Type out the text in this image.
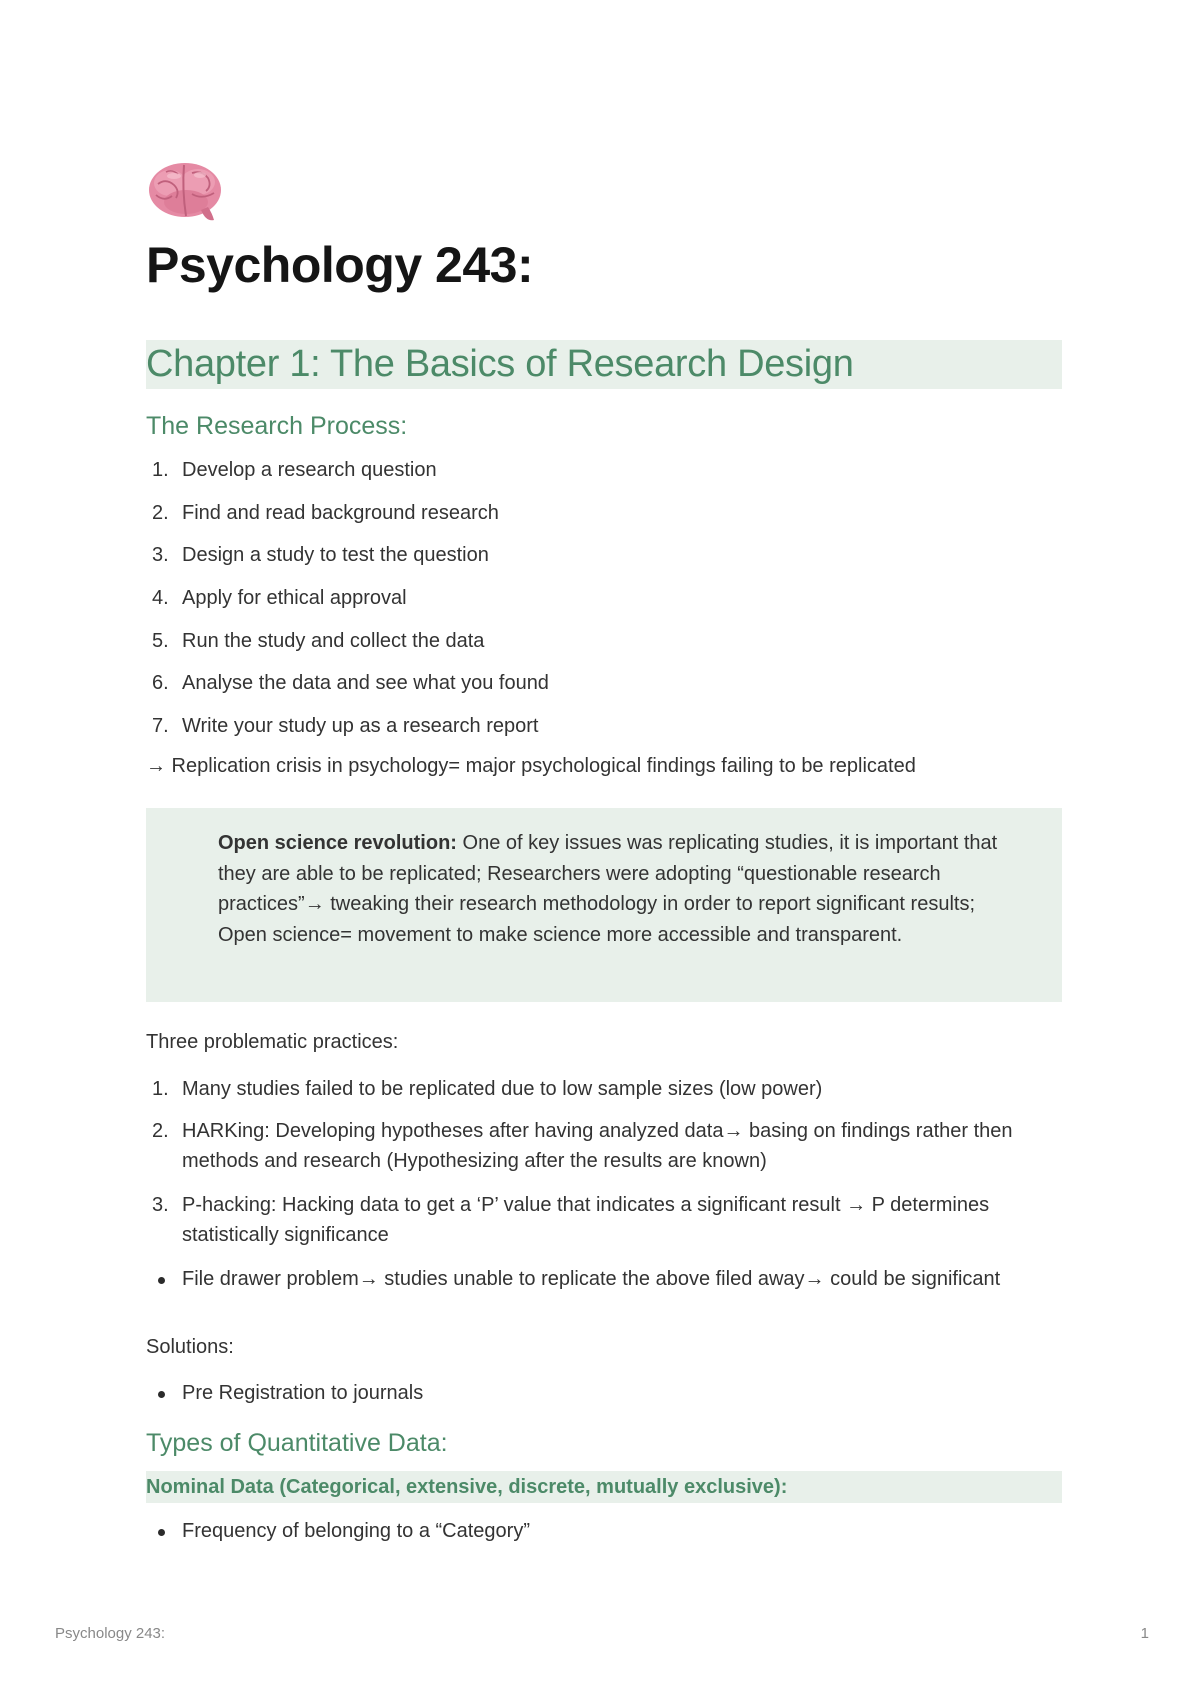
Psychology 243:
Chapter 1: The Basics of Research Design
The Research Process:
1. Develop a research question
2. Find and read background research
3. Design a study to test the question
4. Apply for ethical approval
5. Run the study and collect the data
6. Analyse the data and see what you found
7. Write your study up as a research report

→ Replication crisis in psychology= major psychological findings failing to be replicated

Open science revolution: One of key issues was replicating studies, it is important that they are able to be replicated; Researchers were adopting “questionable research practices”→ tweaking their research methodology in order to report significant results; Open science= movement to make science more accessible and transparent.

Three problematic practices:

1. Many studies failed to be replicated due to low sample sizes (low power)
2. HARKing: Developing hypotheses after having analyzed data→ basing on findings rather then methods and research (Hypothesizing after the results are known)
3. P-hacking: Hacking data to get a ‘P’ value that indicates a significant result → P determines statistically significance
File drawer problem→ studies unable to replicate the above filed away→ could be significant

Solutions:

Pre Registration to journals
Types of Quantitative Data:
Nominal Data (Categorical, extensive, discrete, mutually exclusive):
Frequency of belonging to a “Category”
Psychology 243:	1
